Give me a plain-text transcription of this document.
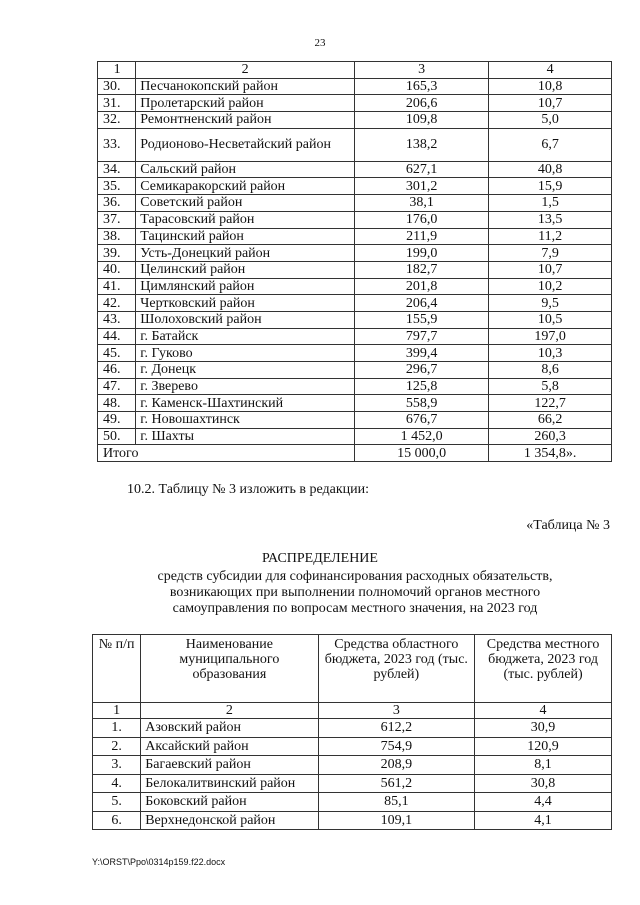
23
1	2	3	4
30.	Песчанокопский район	165,3	10,8
31.	Пролетарский район	206,6	10,7
32.	Ремонтненский район	109,8	5,0
33.	Родионово-Несветайский район	138,2	6,7
34.	Сальский район	627,1	40,8
35.	Семикаракорский район	301,2	15,9
36.	Советский район	38,1	1,5
37.	Тарасовский район	176,0	13,5
38.	Тацинский район	211,9	11,2
39.	Усть-Донецкий район	199,0	7,9
40.	Целинский район	182,7	10,7
41.	Цимлянский район	201,8	10,2
42.	Чертковский район	206,4	9,5
43.	Шолоховский район	155,9	10,5
44.	г. Батайск	797,7	197,0
45.	г. Гуково	399,4	10,3
46.	г. Донецк	296,7	8,6
47.	г. Зверево	125,8	5,8
48.	г. Каменск-Шахтинский	558,9	122,7
49.	г. Новошахтинск	676,7	66,2
50.	г. Шахты	1 452,0	260,3
Итого		15 000,0	1 354,8».
10.2. Таблицу № 3 изложить в редакции:
«Таблица № 3
РАСПРЕДЕЛЕНИЕ
средств субсидии для софинансирования расходных обязательств, возникающих при выполнении полномочий органов местного самоуправления по вопросам местного значения, на 2023 год
№ п/п	Наименование муниципального образования	Средства областного бюджета, 2023 год (тыс. рублей)	Средства местного бюджета, 2023 год (тыс. рублей)
1	2	3	4
1.	Азовский район	612,2	30,9
2.	Аксайский район	754,9	120,9
3.	Багаевский район	208,9	8,1
4.	Белокалитвинский район	561,2	30,8
5.	Боковский район	85,1	4,4
6.	Верхнедонской район	109,1	4,1
Y:\ORST\Ppo\0314p159.f22.docx
